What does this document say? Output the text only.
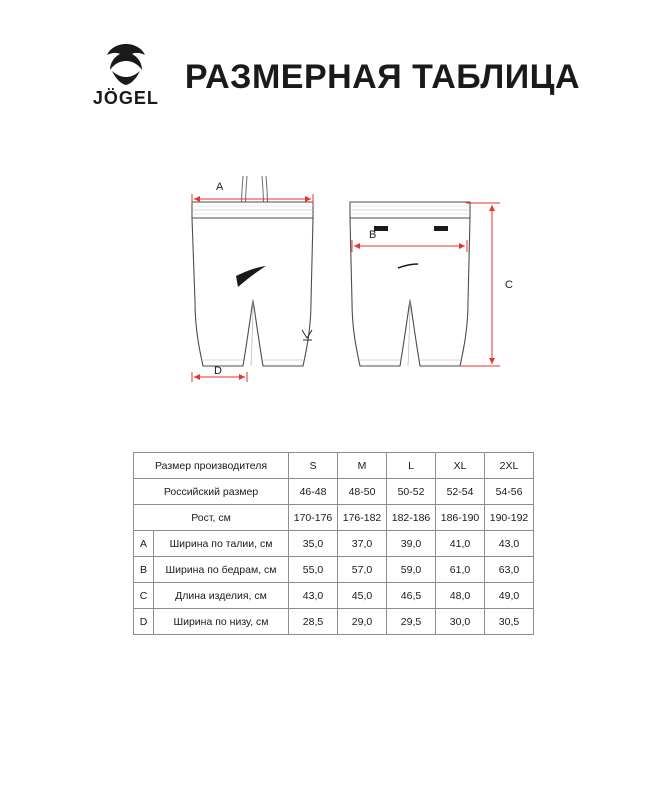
JÖGEL
РАЗМЕРНАЯ ТАБЛИЦА
A
D
B
C
Размер производителя		S	M	L	XL	2XL
Российский размер		46-48	48-50	50-52	52-54	54-56
Рост, см		170-176	176-182	182-186	186-190	190-192
A	Ширина по талии, см	35,0	37,0	39,0	41,0	43,0
B	Ширина по бедрам, см	55,0	57,0	59,0	61,0	63,0
C	Длина изделия, см	43,0	45,0	46,5	48,0	49,0
D	Ширина по низу, см	28,5	29,0	29,5	30,0	30,5
